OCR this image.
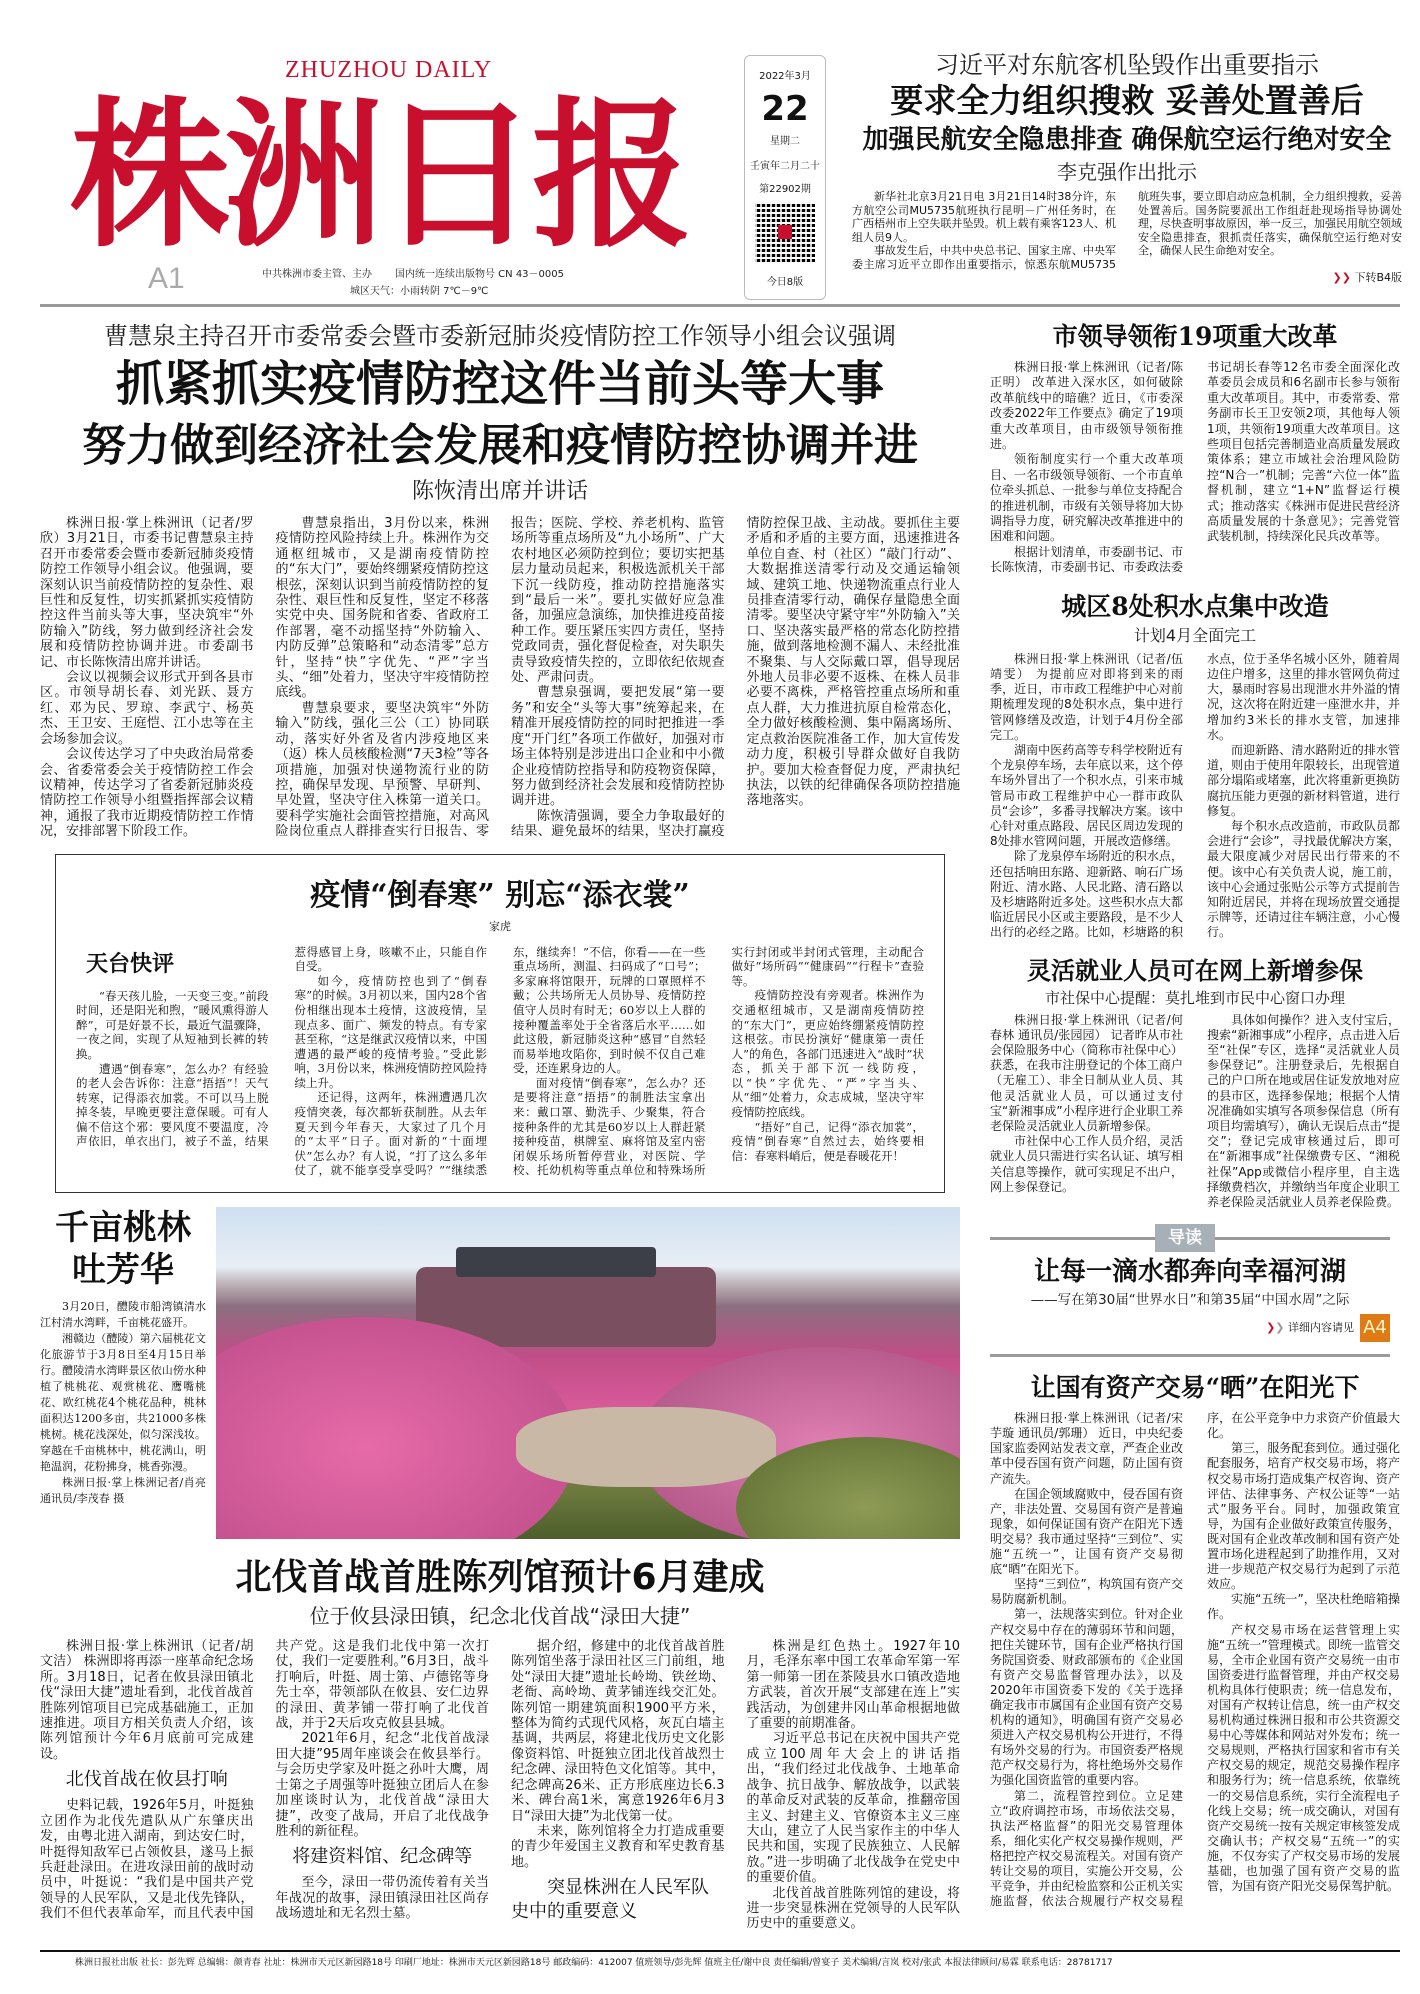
ZHUZHOU DAILY
株洲日报
A1	中共株洲市委主管、主办 国内统一连续出版物号 CN 43－0005
城区天气：小雨转阴 7℃－9℃
2022年3月
22
星期二
壬寅年二月二十
第22902期
今日8版
习近平对东航客机坠毁作出重要指示
要求全力组织搜救 妥善处置善后
加强民航安全隐患排查 确保航空运行绝对安全
李克强作出批示

新华社北京3月21日电 3月21日14时38分许，东方航空公司MU5735航班执行昆明－广州任务时，在广西梧州市上空失联并坠毁。机上载有乘客123人、机组人员9人。

事故发生后，中共中央总书记、国家主席、中央军委主席习近平立即作出重要指示，惊悉东航MU5735航班失事，要立即启动应急机制，全力组织搜救，妥善处置善后。国务院要派出工作组赶赴现场指导协调处理，尽快查明事故原因，举一反三，加强民用航空领域安全隐患排查，狠抓责任落实，确保航空运行绝对安全，确保人民生命绝对安全。

❯❯ 下转B4版
曹慧泉主持召开市委常委会暨市委新冠肺炎疫情防控工作领导小组会议强调
抓紧抓实疫情防控这件当前头等大事
努力做到经济社会发展和疫情防控协调并进
陈恢清出席并讲话

株洲日报·掌上株洲讯（记者/罗欣）3月21日，市委书记曹慧泉主持召开市委常委会暨市委新冠肺炎疫情防控工作领导小组会议。他强调，要深刻认识当前疫情防控的复杂性、艰巨性和反复性，切实抓紧抓实疫情防控这件当前头等大事，坚决筑牢“外防输入”防线，努力做到经济社会发展和疫情防控协调并进。市委副书记、市长陈恢清出席并讲话。

会议以视频会议形式开到各县市区。市领导胡长春、刘光跃、聂方红、邓为民、罗琼、李武宁、杨英杰、王卫安、王庭恺、江小忠等在主会场参加会议。

会议传达学习了中央政治局常委会、省委常委会关于疫情防控工作会议精神，传达学习了省委新冠肺炎疫情防控工作领导小组暨指挥部会议精神，通报了我市近期疫情防控工作情况，安排部署下阶段工作。

曹慧泉指出，3月份以来，株洲疫情防控风险持续上升。株洲作为交通枢纽城市，又是湖南疫情防控的“东大门”，要始终绷紧疫情防控这根弦，深刻认识到当前疫情防控的复杂性、艰巨性和反复性，坚定不移落实党中央、国务院和省委、省政府工作部署，毫不动摇坚持“外防输入、内防反弹”总策略和“动态清零”总方针，坚持“快”字优先、“严”字当头、“细”处着力，坚决守牢疫情防控底线。

曹慧泉要求，要坚决筑牢“外防输入”防线，强化三公（工）协同联动，落实好外省及省内涉疫地区来（返）株人员核酸检测“7天3检”等各项措施，加强对快递物流行业的防控，确保早发现、早预警、早研判、早处置，坚决守住入株第一道关口。要科学实施社会面管控措施，对高风险岗位重点人群排查实行日报告、零报告；医院、学校、养老机构、监管场所等重点场所及“九小场所”、广大农村地区必须防控到位；要切实把基层力量动员起来，积极选派机关干部下沉一线防疫，推动防控措施落实到“最后一米”。要扎实做好应急准备，加强应急演练，加快推进疫苗接种工作。要压紧压实四方责任，坚持党政同责，强化督促检查，对失职失责导致疫情失控的，立即依纪依规查处、严肃问责。

曹慧泉强调，要把发展“第一要务”和安全“头等大事”统筹起来，在精准开展疫情防控的同时把推进一季度“开门红”各项工作做好，加强对市场主体特别是涉进出口企业和中小微企业疫情防控指导和防疫物资保障，努力做到经济社会发展和疫情防控协调并进。

陈恢清强调，要全力争取最好的结果、避免最坏的结果，坚决打赢疫情防控保卫战、主动战。要抓住主要矛盾和矛盾的主要方面，迅速推进各单位自查、村（社区）“敲门行动”、大数据推送清零行动及交通运输领域、建筑工地、快递物流重点行业人员排查清零行动，确保存量隐患全面清零。要坚决守紧守牢“外防输入”关口、坚决落实最严格的常态化防控措施，做到落地检测不漏人、未经批准不聚集、与人交际戴口罩，倡导现居外地人员非必要不返株、在株人员非必要不离株，严格管控重点场所和重点人群，大力推进抗原自检常态化，全力做好核酸检测、集中隔离场所、定点救治医院准备工作，加大宣传发动力度，积极引导群众做好自我防护。要加大检查督促力度，严肃执纪执法，以铁的纪律确保各项防控措施落地落实。

疫情“倒春寒” 别忘“添衣裳”
家虎
天台快评

“春天孩儿脸，一天变三变。”前段时间，还是阳光和煦，“暖风熏得游人醉”，可是好景不长，最近气温骤降，一夜之间，实现了从短袖到长裤的转换。

遭遇“倒春寒”，怎么办？有经验的老人会告诉你：注意“捂捂”！天气转寒，记得添衣加裳。不可以马上脱掉冬装，早晚更要注意保暖。可有人偏不信这个邪：要风度不要温度，冷声依旧，单衣出门，被子不盖，结果惹得感冒上身，咳嗽不止，只能自作自受。

如今，疫情防控也到了“倒春寒”的时候。3月初以来，国内28个省份相继出现本土疫情，这波疫情，呈现点多、面广、频发的特点。有专家甚至称，“这是继武汉疫情以来，中国遭遇的最严峻的疫情考验。”受此影响，3月份以来，株洲疫情防控风险持续上升。

还记得，这两年，株洲遭遇几次疫情突袭，每次都斩获制胜。从去年夏天到今年春天，大家过了几个月的“太平”日子。面对新的“十面埋伏”怎么办？有人说，“打了这么多年仗了，就不能享受享受吗？”“继续悉东，继续奔！”不信，你看——在一些重点场所，测温、扫码成了“口号”；多家麻将馆限开，玩牌的口罩照样不戴；公共场所无人员协导、疫情防控值守人员时有时无；60岁以上人群的接种覆盖率处于全省落后水平……如此这般，新冠肺炎这种“感冒”自然轻而易举地攻陷你，到时候不仅自己难受，还连累身边的人。

面对疫情“倒春寒”，怎么办？还是要将注意“捂捂”的制胜法宝拿出来：戴口罩、勤洗手、少聚集，符合接种条件的尤其是60岁以上人群赶紧接种疫苗，棋牌室、麻将馆及室内密闭娱乐场所暂停营业，对医院、学校、托幼机构等重点单位和特殊场所实行封闭或半封闭式管理，主动配合做好“场所码”“健康码”“行程卡”查验等。

疫情防控没有旁观者。株洲作为交通枢纽城市，又是湖南疫情防控的“东大门”，更应始终绷紧疫情防控这根弦。市民扮演好“健康第一责任人”的角色，各部门迅速进入“战时”状态，抓关于部下沉一线防疫，以“快”字优先、“严”字当头、从“细”处着力，众志成城，坚决守牢疫情防控底线。

“捂好”自己，记得“添衣加裳”，疫情“倒春寒”自然过去，始终要相信：春寒料峭后，便是春暖花开！

千亩桃林
吐芳华

3月20日，醴陵市船湾镇清水江村清水湾畔，千亩桃花盛开。

湘赣边（醴陵）第六届桃花文化旅游节于3月8日至4月15日举行。醴陵清水湾畔景区依山傍水种植了桃桃花、观赏桃花、鹰嘴桃花、欧红桃花4个桃花品种，桃林面积达1200多亩，共21000多株桃树。桃花浅深处，似匀深浅妆。穿越在千亩桃林中，桃花满山，明艳温润，花粉拂身，桃香弥漫。

株洲日报·掌上株洲记者/肖亮 通讯员/李茂春 摄

北伐首战首胜陈列馆预计6月建成
位于攸县渌田镇，纪念北伐首战“渌田大捷”

株洲日报·掌上株洲讯（记者/胡文洁） 株洲即将再添一座革命纪念场所。3月18日，记者在攸县渌田镇北伐“渌田大捷”遗址看到，北伐首战首胜陈列馆项目已完成基础施工，正加速推进。项目方相关负责人介绍，该陈列馆预计今年6月底前可完成建设。

北伐首战在攸县打响

史料记载，1926年5月，叶挺独立团作为北伐先遣队从广东肇庆出发，由粤北进入湖南，到达安仁时，叶挺得知敌军已占领攸县，遂马上振兵赶赴渌田。在进攻渌田前的战时动员中，叶挺说：“我们是中国共产党领导的人民军队，又是北伐先锋队，我们不但代表革命军，而且代表中国共产党。这是我们北伐中第一次打仗，我们一定要胜利。”6月3日，战斗打响后，叶挺、周士第、卢德铭等身先士卒，带领部队在攸县、安仁边界的渌田、黄茅铺一带打响了北伐首战，并于2天后攻克攸县县城。

2021年6月，纪念“北伐首战渌田大捷”95周年座谈会在攸县举行。与会历史学家及叶挺之孙叶大鹰，周士第之子周强等叶挺独立团后人在参加座谈时认为，北伐首战“渌田大捷”，改变了战局，开启了北伐战争胜利的新征程。

将建资料馆、纪念碑等

至今，渌田一带仍流传着有关当年战况的故事，渌田镇渌田社区尚存战场遗址和无名烈士墓。

据介绍，修建中的北伐首战首胜陈列馆坐落于渌田社区三门前组，地处“渌田大捷”遗址长岭坳、铁丝坳、老衙、高岭坳、黄茅铺连线交汇处。陈列馆一期建筑面积1900平方米，整体为简约式现代风格，灰瓦白墙主基调，共两层，将建北伐历史文化影像资料馆、叶挺独立团北伐首战烈士纪念碑、渌田特色文化馆等。其中，纪念碑高26米、正方形底座边长6.3米、碑台高1米，寓意1926年6月3日“渌田大捷”为北伐第一仗。

未来，陈列馆将全力打造成重要的青少年爱国主义教育和军史教育基地。

突显株洲在人民军队史中的重要意义

株洲是红色热土。1927年10月，毛泽东率中国工农革命军第一军第一师第一团在茶陵县水口镇改造地方武装，首次开展“支部建在连上”实践活动，为创建井冈山革命根据地做了重要的前期准备。

习近平总书记在庆祝中国共产党成立100周年大会上的讲话指出，“我们经过北伐战争、土地革命战争、抗日战争、解放战争，以武装的革命反对武装的反革命，推翻帝国主义、封建主义、官僚资本主义三座大山，建立了人民当家作主的中华人民共和国，实现了民族独立、人民解放。”进一步明确了北伐战争在党史中的重要价值。

北伐首战首胜陈列馆的建设，将进一步突显株洲在党领导的人民军队历史中的重要意义。

市领导领衔19项重大改革

株洲日报·掌上株洲讯（记者/陈正明） 改革进入深水区，如何破除改革航线中的暗礁？近日，《市委深改委2022年工作要点》确定了19项重大改革项目，由市级领导领衔推进。

领衔制度实行一个重大改革项目、一名市级领导领衔、一个市直单位牵头抓总、一批参与单位支持配合的推进机制，市级有关领导将加大协调指导力度，研究解决改革推进中的困难和问题。

根据计划清单，市委副书记、市长陈恢清，市委副书记、市委政法委书记胡长春等12名市委全面深化改革委员会成员和6名副市长参与领衔重大改革项目。其中，市委常委、常务副市长王卫安领2项，其他每人领1项，共领衔19项重大改革项目。这些项目包括完善制造业高质量发展政策体系；建立市域社会治理风险防控“N合一”机制；完善“六位一体”监督机制，建立“1+N”监督运行模式；推动落实《株洲市促进民营经济高质量发展的十条意见》；完善党管武装机制，持续深化民兵改革等。

城区8处积水点集中改造
计划4月全面完工

株洲日报·掌上株洲讯（记者/伍靖雯） 为提前应对即将到来的雨季，近日，市市政工程维护中心对前期梳理发现的8处积水点，集中进行管网修缮及改造，计划于4月份全部完工。

湖南中医药高等专科学校附近有个龙泉停车场，去年底以来，这个停车场外冒出了一个积水点，引来市城管局市政工程维护中心一群市政队员“会诊”，多番寻找解决方案。该中心针对重点路段、居民区周边发现的8处排水管网问题，开展改造修缮。

除了龙泉停车场附近的积水点，还包括响田东路、迎新路、响石广场附近、清水路、人民北路、清石路以及杉塘路附近多处。这些积水点大都临近居民小区或主要路段，是不少人出行的必经之路。比如，杉塘路的积水点，位于圣华名城小区外，随着周边住户增多，这里的排水管网负荷过大，暴雨时容易出现泄水井外溢的情况，这次将在附近建一座泄水井，并增加约3米长的排水支管，加速排水。

而迎新路、清水路附近的排水管道，则由于使用年限较长，出现管道部分塌陷或堵塞，此次将重新更换防腐抗压能力更强的新材料管道，进行修复。

每个积水点改造前，市政队员都会进行“会诊”，寻找最优解决方案，最大限度减少对居民出行带来的不便。该中心有关负责人说，施工前，该中心会通过张贴公示等方式提前告知附近居民，并将在现场放置交通提示牌等，还请过往车辆注意，小心慢行。

灵活就业人员可在网上新增参保
市社保中心提醒：莫扎堆到市民中心窗口办理

株洲日报·掌上株洲讯（记者/何春林 通讯员/张园园） 记者昨从市社会保险服务中心（简称市社保中心）获悉，在我市注册登记的个体工商户（无雇工）、非全日制从业人员、其他灵活就业人员，可以通过支付宝“新湘事成”小程序进行企业职工养老保险灵活就业人员新增参保。

市社保中心工作人员介绍，灵活就业人员只需进行实名认证、填写相关信息等操作，就可实现足不出户，网上参保登记。

具体如何操作？进入支付宝后，搜索“新湘事成”小程序，点击进入后至“社保”专区，选择“灵活就业人员参保登记”。注册登录后，先根据自己的户口所在地或居住证发放地对应的县市区，选择参保地；根据个人情况准确如实填写各项参保信息（所有项目均需填写），确认无误后点击“提交”；登记完成审核通过后，即可在“新湘事成”社保缴费专区、“湘税社保”App或微信小程序里，自主选择缴费档次，并缴纳当年度企业职工养老保险灵活就业人员养老保险费。

导读
让每一滴水都奔向幸福河湖
——写在第30届“世界水日”和第35届“中国水周”之际
❯❯ 详细内容请见 A4
让国有资产交易“晒”在阳光下

株洲日报·掌上株洲讯（记者/宋芋璇 通讯员/郭珊） 近日，中央纪委国家监委网站发表文章，严查企业改革中侵吞国有资产问题，防止国有资产流失。

在国企领域腐败中，侵吞国有资产，非法处置、交易国有资产是普遍现象，如何保证国有资产在阳光下透明交易？我市通过坚持“三到位”、实施“五统一”，让国有资产交易彻底“晒”在阳光下。

坚持“三到位”，构筑国有资产交易防腐新机制。

第一，法规落实到位。针对企业产权交易中存在的薄弱环节和问题，把住关键环节，国有企业严格执行国务院国资委、财政部颁布的《企业国有资产交易监督管理办法》，以及2020年市国资委下发的《关于选择确定我市市属国有企业国有资产交易机构的通知》，明确国有资产交易必须进入产权交易机构公开进行，不得有场外交易的行为。市国资委严格规范产权交易行为，将杜绝场外交易作为强化国资监管的重要内容。

第二，流程管控到位。立足建立“政府调控市场，市场依法交易，执法严格监督”的阳光交易管理体系，细化实化产权交易操作规则，严格把控产权交易流程关。对国有资产转让交易的项目，实施公开交易，公平竞争，并由纪检监察和公正机关实施监督，依法合规履行产权交易程序，在公平竞争中力求资产价值最大化。

第三，服务配套到位。通过强化配套服务，培育产权交易市场，将产权交易市场打造成集产权咨询、资产评估、法律事务、产权公证等“一站式”服务平台。同时，加强政策宣导，为国有企业做好政策宣传服务，既对国有企业改革改制和国有资产处置市场化进程起到了助推作用，又对进一步规范产权交易行为起到了示范效应。

实施“五统一”，坚决杜绝暗箱操作。

产权交易市场在运营管理上实施“五统一”管理模式。即统一监管交易，全市企业国有资产交易统一由市国资委进行监督管理，并由产权交易机构具体行使职责；统一信息发布，对国有产权转让信息，统一由产权交易机构通过株洲日报和市公共资源交易中心等媒体和网站对外发布；统一交易规则，严格执行国家和省市有关产权交易的规定，规范交易操作程序和服务行为；统一信息系统，依靠统一的交易信息系统，实行全流程电子化线上交易；统一成交确认，对国有资产交易统一按有关规定审核签发成交确认书；产权交易“五统一”的实施，不仅夯实了产权交易市场的发展基础，也加强了国有资产交易的监管，为国有资产阳光交易保驾护航。

株洲日报社出版 社长：彭先辉 总编辑：颜青春 社址：株洲市天元区新园路18号 印刷厂地址：株洲市天元区新园路18号 邮政编码：412007 值班领导/彭先辉 值班主任/谢中良 责任编辑/曾宴子 美术编辑/言岚 校对/张武 本报法律顾问/易霖 联系电话：28781717
